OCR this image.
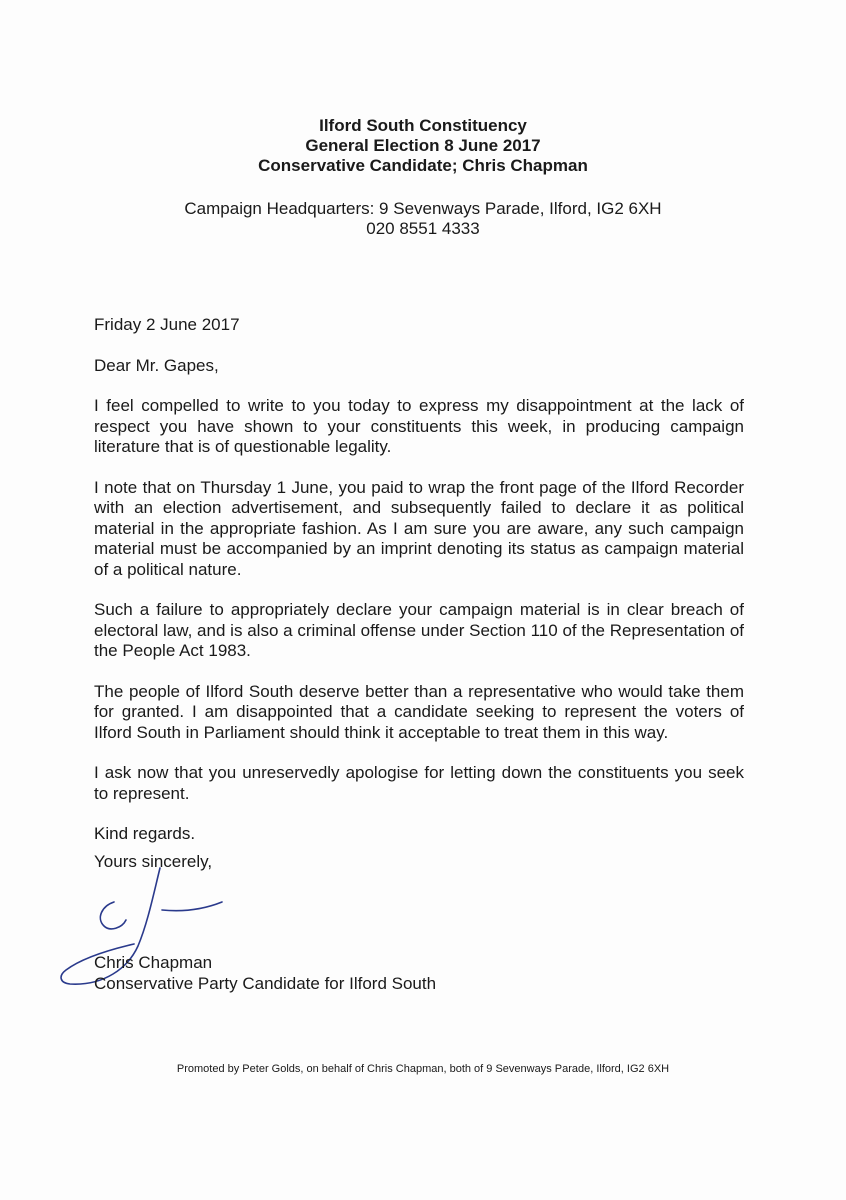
Ilford South Constituency
General Election 8 June 2017
Conservative Candidate; Chris Chapman
Campaign Headquarters: 9 Sevenways Parade, Ilford, IG2 6XH
020 8551 4333

Friday 2 June 2017

Dear Mr. Gapes,

I feel compelled to write to you today to express my disappointment at the lack of respect you have shown to your constituents this week, in producing campaign literature that is of questionable legality.

I note that on Thursday 1 June, you paid to wrap the front page of the Ilford Recorder with an election advertisement, and subsequently failed to declare it as political material in the appropriate fashion. As I am sure you are aware, any such campaign material must be accompanied by an imprint denoting its status as campaign material of a political nature.

Such a failure to appropriately declare your campaign material is in clear breach of electoral law, and is also a criminal offense under Section 110 of the Representation of the People Act 1983.

The people of Ilford South deserve better than a representative who would take them for granted. I am disappointed that a candidate seeking to represent the voters of Ilford South in Parliament should think it acceptable to treat them in this way.

I ask now that you unreservedly apologise for letting down the constituents you seek to represent.

Kind regards.

Yours sincerely,
Chris Chapman
Conservative Party Candidate for Ilford South
Promoted by Peter Golds, on behalf of Chris Chapman, both of 9 Sevenways Parade, Ilford, IG2 6XH
